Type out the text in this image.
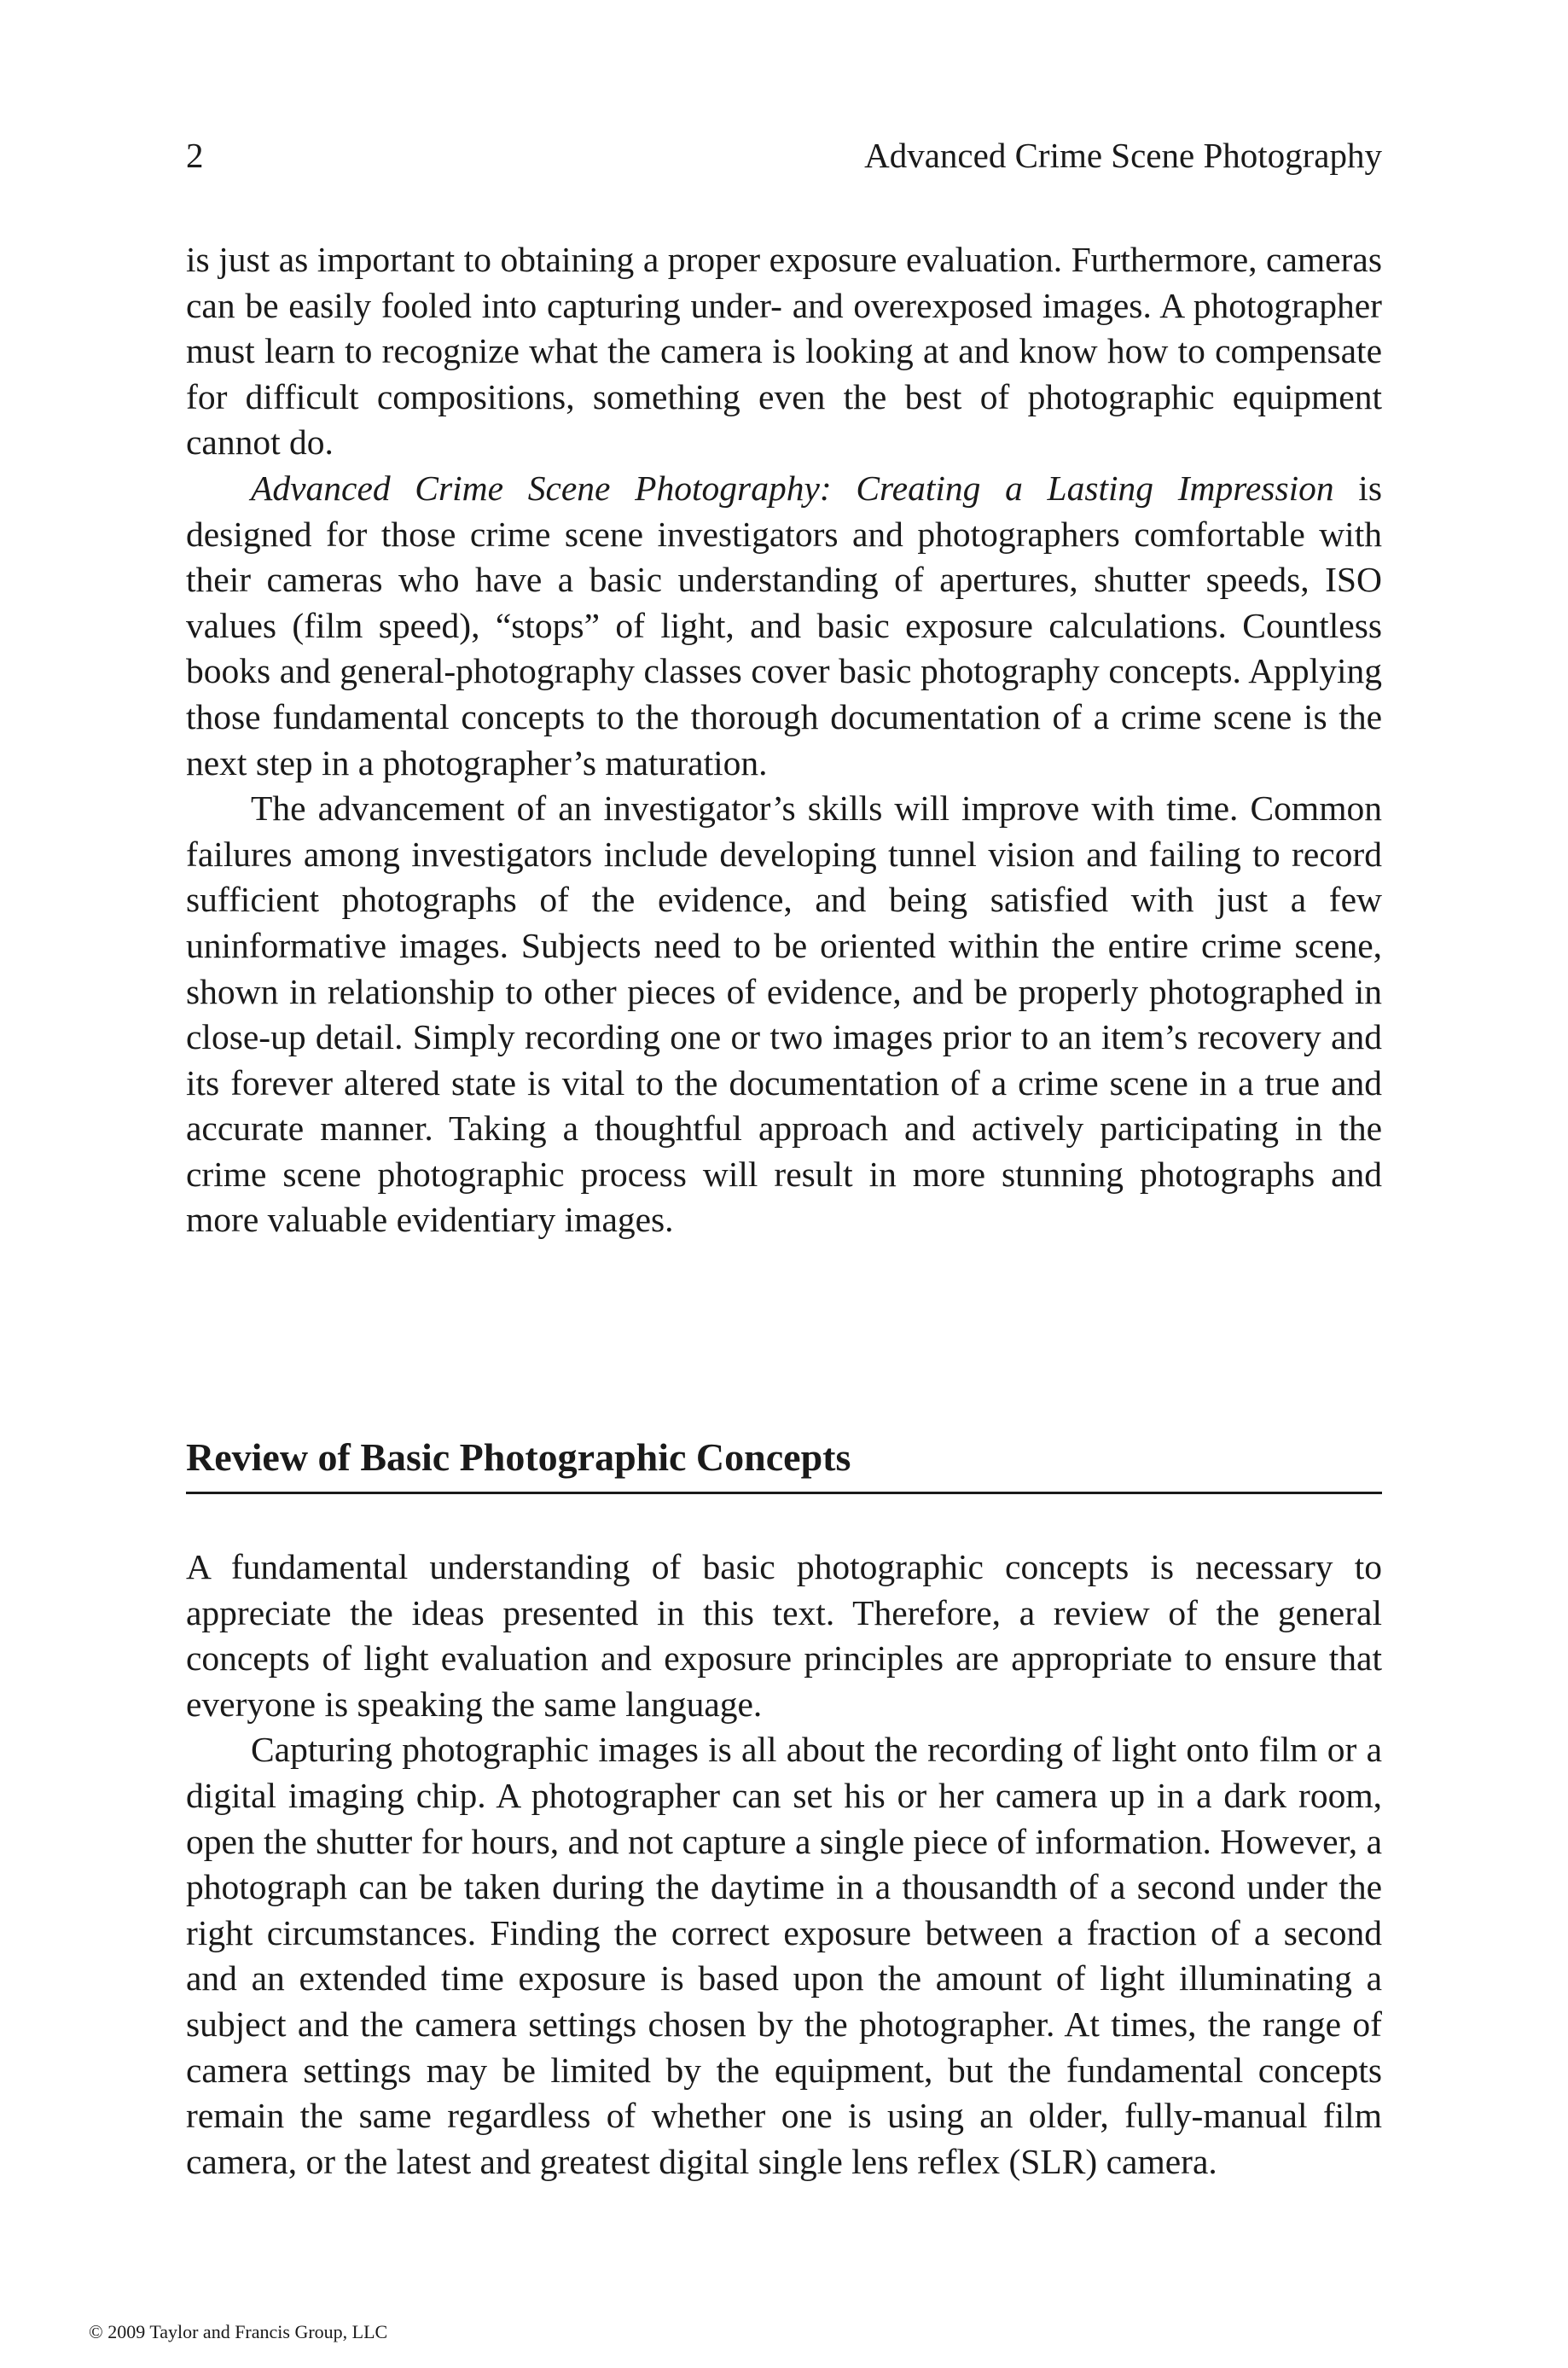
2	Advanced Crime Scene Photography

is just as important to obtaining a proper exposure evaluation. Furthermore, cameras can be easily fooled into capturing under- and overexposed images. A photographer must learn to recognize what the camera is looking at and know how to compensate for difficult compositions, something even the best of photographic equipment cannot do.

Advanced Crime Scene Photography: Creating a Lasting Impression is designed for those crime scene investigators and photographers comfortable with their cameras who have a basic understanding of apertures, shutter speeds, ISO values (film speed), “stops” of light, and basic exposure calculations. Countless books and general-photography classes cover basic photography concepts. Applying those fundamental concepts to the thorough documentation of a crime scene is the next step in a photographer’s maturation.

The advancement of an investigator’s skills will improve with time. Common failures among investigators include developing tunnel vision and failing to record sufficient photographs of the evidence, and being satisfied with just a few uninformative images. Subjects need to be oriented within the entire crime scene, shown in relationship to other pieces of evidence, and be properly photographed in close-up detail. Simply recording one or two images prior to an item’s recovery and its forever altered state is vital to the documentation of a crime scene in a true and accurate manner. Taking a thoughtful approach and actively participating in the crime scene photographic process will result in more stunning photographs and more valuable evidentiary images.

Review of Basic Photographic Concepts

A fundamental understanding of basic photographic concepts is necessary to appreciate the ideas presented in this text. Therefore, a review of the general concepts of light evaluation and exposure principles are appropriate to ensure that everyone is speaking the same language.

Capturing photographic images is all about the recording of light onto film or a digital imaging chip. A photographer can set his or her camera up in a dark room, open the shutter for hours, and not capture a single piece of information. However, a photograph can be taken during the daytime in a thousandth of a second under the right circumstances. Finding the correct exposure between a fraction of a second and an extended time exposure is based upon the amount of light illuminating a subject and the camera settings chosen by the photographer. At times, the range of camera settings may be limited by the equipment, but the fundamental concepts remain the same regardless of whether one is using an older, fully-manual film camera, or the latest and greatest digital single lens reflex (SLR) camera.

© 2009 Taylor and Francis Group, LLC
